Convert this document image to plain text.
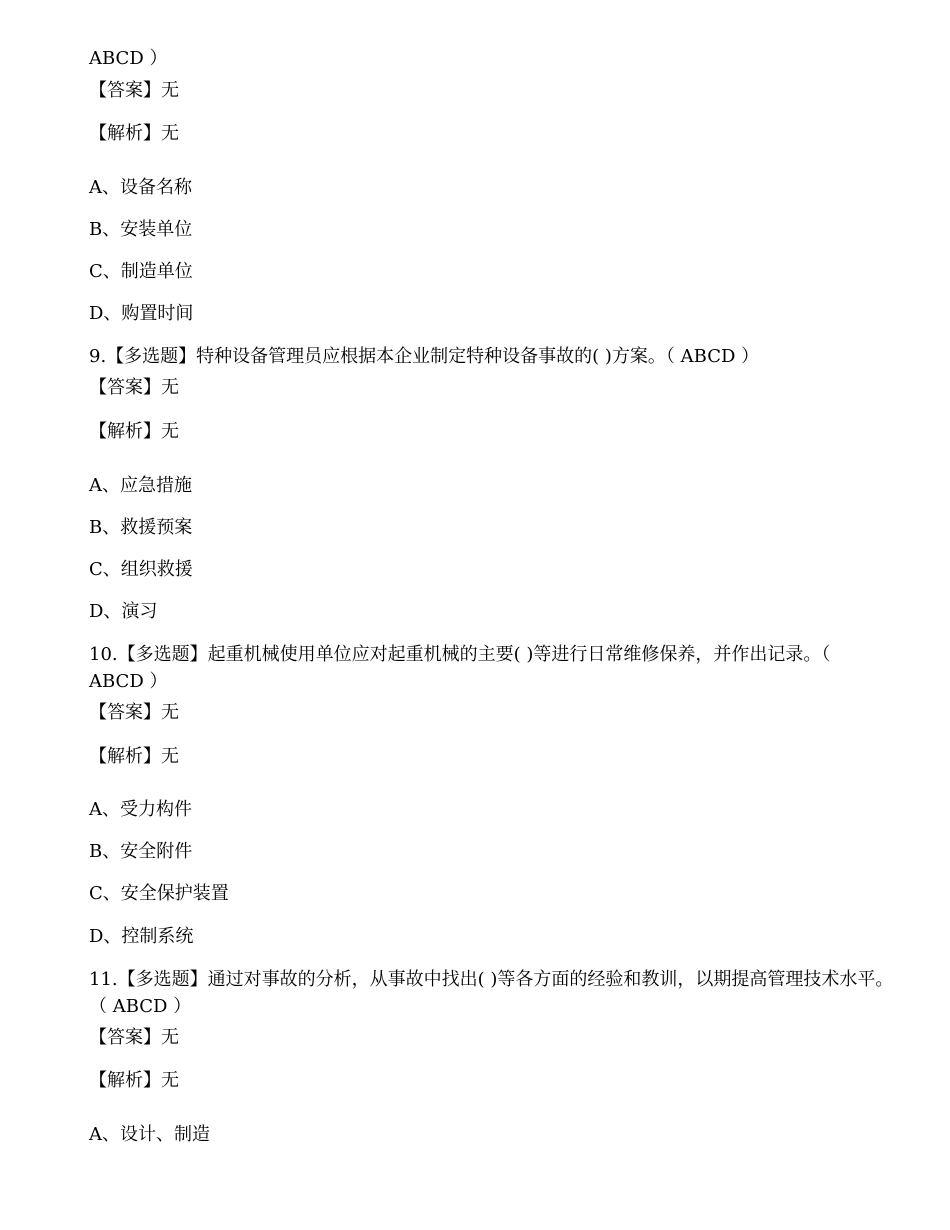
ABCD ）
【答案】无
【解析】无
A、设备名称
B、安装单位
C、制造单位
D、购置时间
9.【多选题】特种设备管理员应根据本企业制定特种设备事故的( )方案。（ ABCD ）
【答案】无
【解析】无
A、应急措施
B、救援预案
C、组织救援
D、演习
10.【多选题】起重机械使用单位应对起重机械的主要( )等进行日常维修保养，并作出记录。（
ABCD ）
【答案】无
【解析】无
A、受力构件
B、安全附件
C、安全保护装置
D、控制系统
11.【多选题】通过对事故的分析，从事故中找出( )等各方面的经验和教训，以期提高管理技术水平。
（ ABCD ）
【答案】无
【解析】无
A、设计、制造
